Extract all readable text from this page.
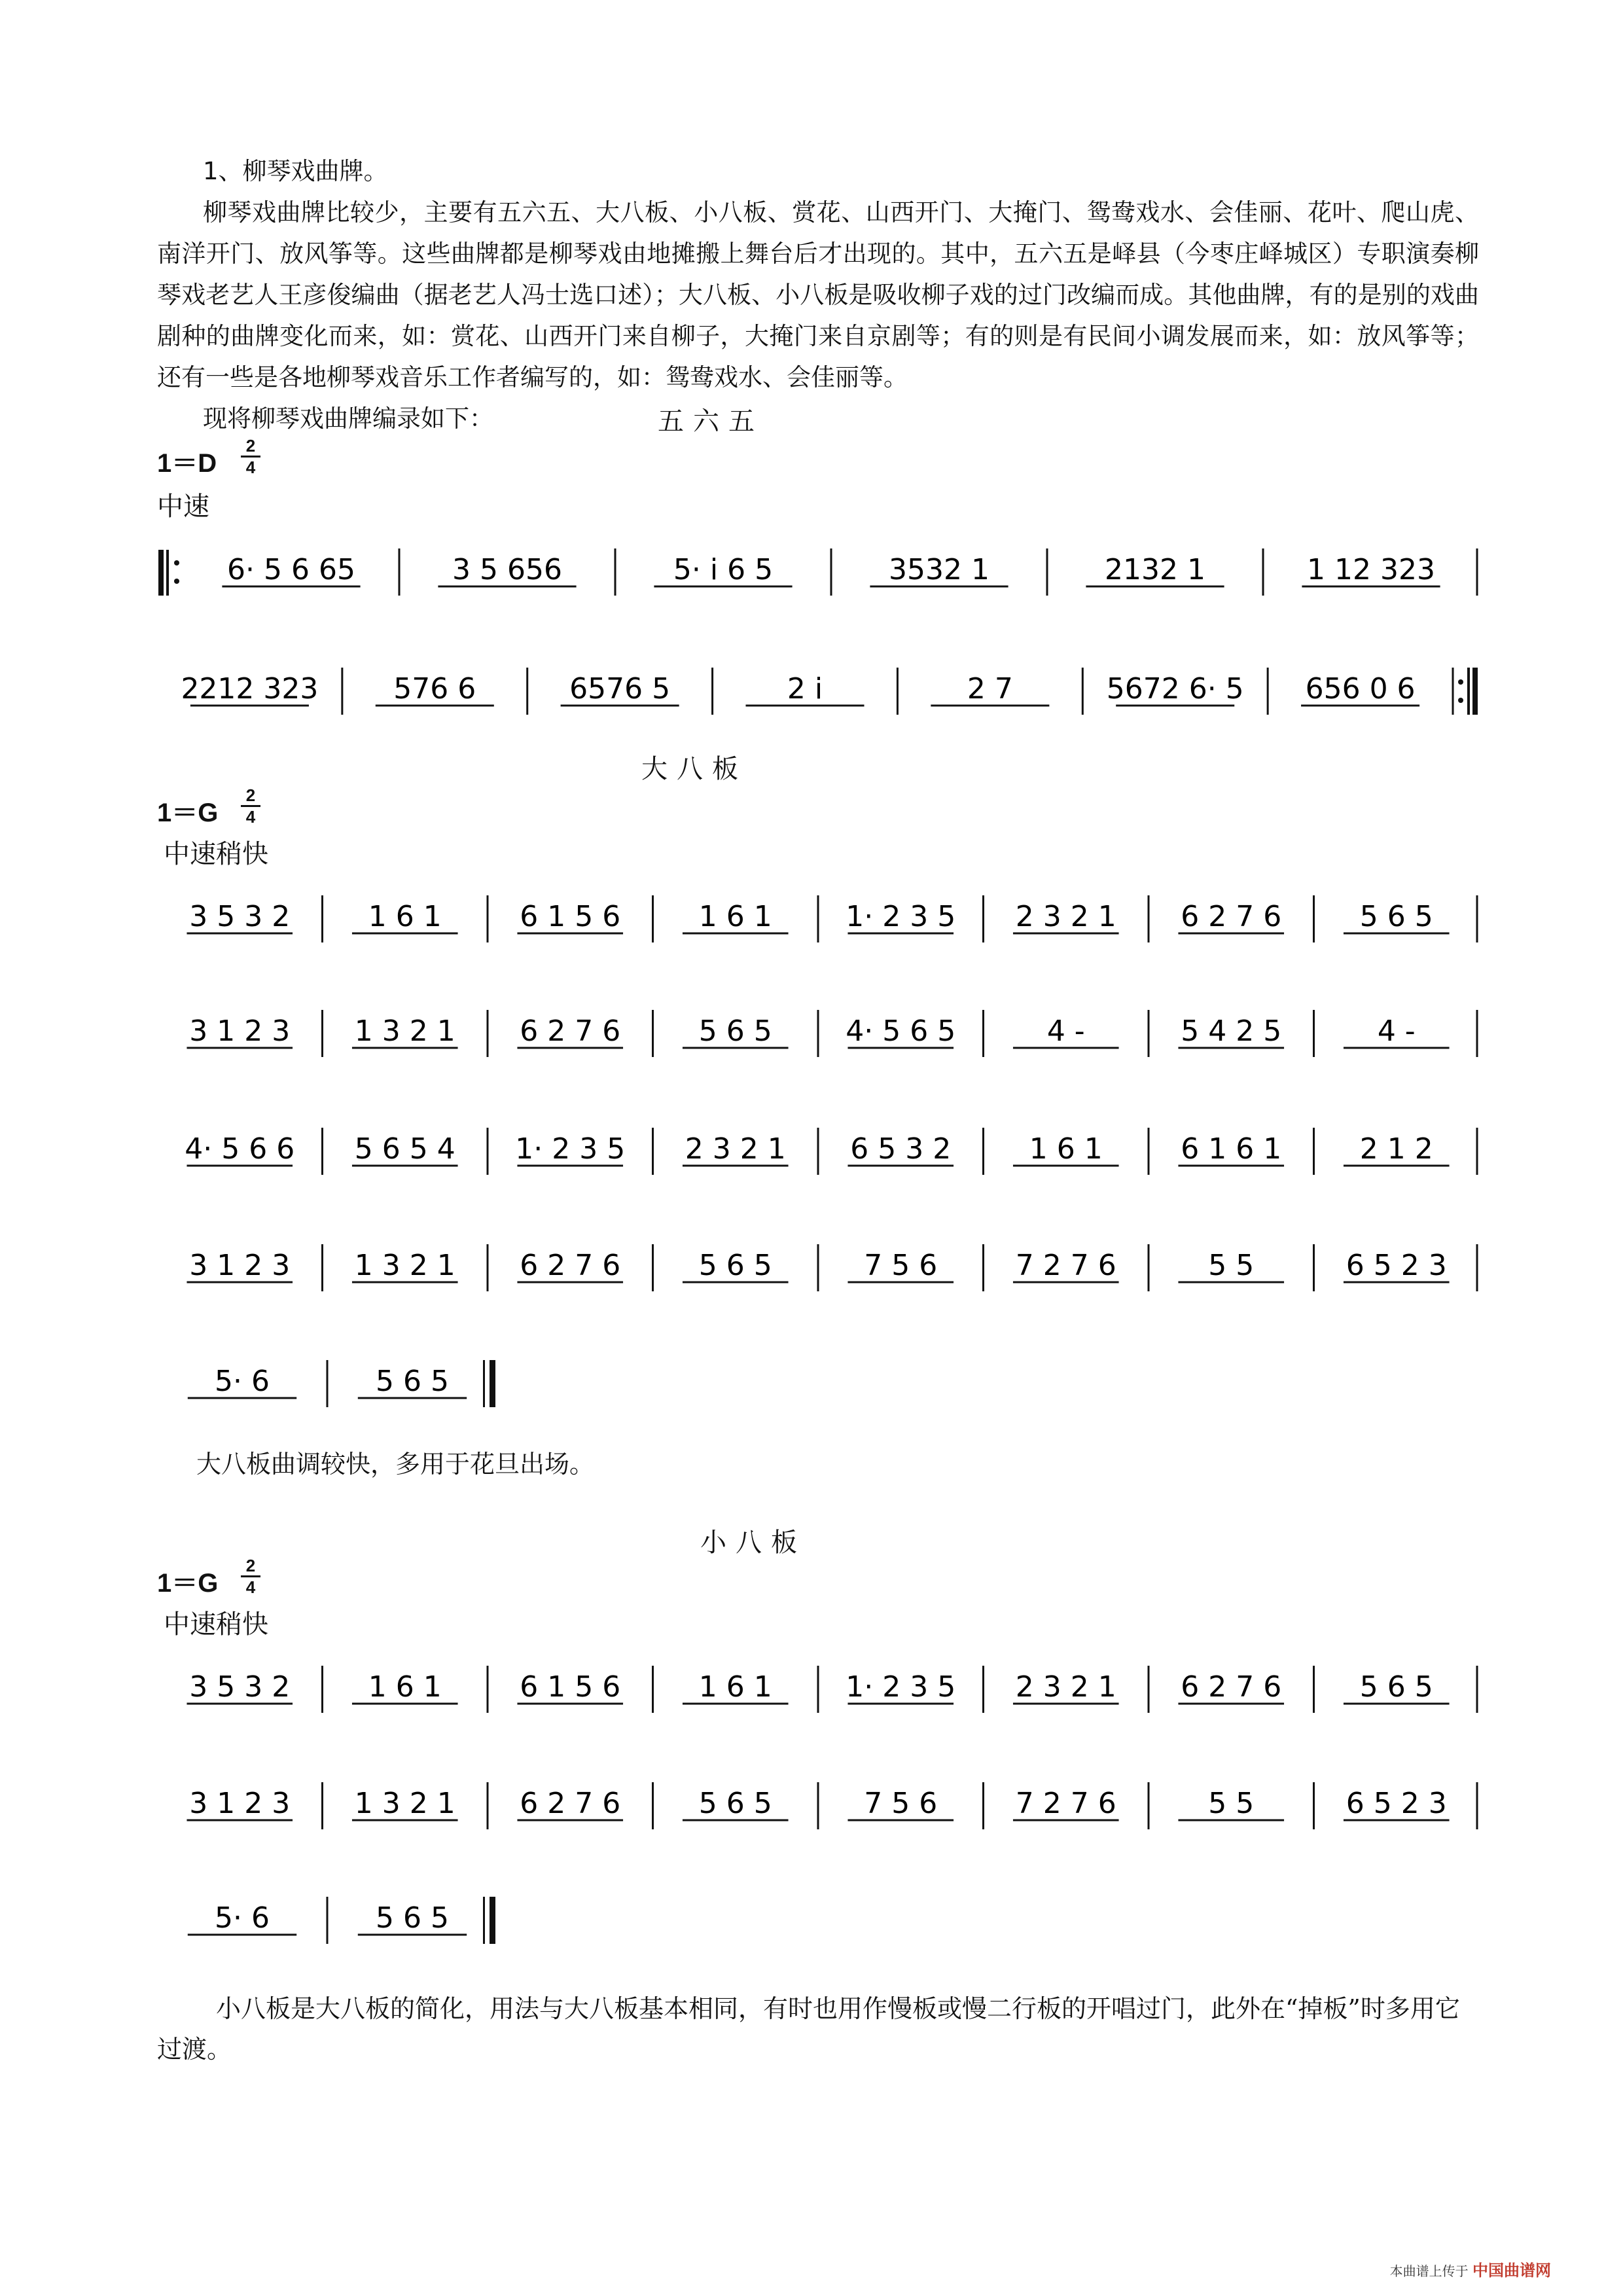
1、柳琴戏曲牌。
柳琴戏曲牌比较少，主要有五六五、大八板、小八板、赏花、山西开门、大掩门、鸳鸯戏水、会佳丽、花叶、爬山虎、南洋开门、放风筝等。这些曲牌都是柳琴戏由地摊搬上舞台后才出现的。其中，五六五是峄县（今枣庄峄城区）专职演奏柳琴戏老艺人王彦俊编曲（据老艺人冯士选口述）；大八板、小八板是吸收柳子戏的过门改编而成。其他曲牌，有的是别的戏曲剧种的曲牌变化而来，如：赏花、山西开门来自柳子，大掩门来自京剧等；有的则是有民间小调发展而来，如：放风筝等；还有一些是各地柳琴戏音乐工作者编写的，如：鸳鸯戏水、会佳丽等。
现将柳琴戏曲牌编录如下：	五六五
1＝D
2
4
中速
6· 5 6 65	3 5 656	5· i 6 5	3532 1	2132 1	1 12 323
2212 323	576 6	6576 5	2 i	2 7	5672 6· 5 656 0 6
大八板
1＝G
2
4
中速稍快
3 5 3 2	1 6 1	6 1 5 6	1 6 1	1· 2 3 5 2 3 2 1 6 2 7 6	5 6 5
3 1 2 3 1 3 2 1 6 2 7 6	5 6 5	4· 5 6 5	4 -	5 4 2 5	4 -
4· 5 6 6 5 6 5 4 1· 2 3 5 2 3 2 1 6 5 3 2	1 6 1	6 1 6 1	2 1 2
3 1 2 3 1 3 2 1 6 2 7 6	5 6 5	7 5 6	7 2 7 6	5 5	6 5 2 3
5· 6	5 6 5
大八板曲调较快，多用于花旦出场。
小八板
1＝G
2
4
中速稍快
3 5 3 2	1 6 1	6 1 5 6	1 6 1	1· 2 3 5 2 3 2 1 6 2 7 6	5 6 5
3 1 2 3 1 3 2 1 6 2 7 6	5 6 5	7 5 6	7 2 7 6	5 5	6 5 2 3
5· 6	5 6 5
小八板是大八板的简化，用法与大八板基本相同，有时也用作慢板或慢二行板的开唱过门，此外在“掉板”时多用它过渡。
本曲谱上传于 中国曲谱网
